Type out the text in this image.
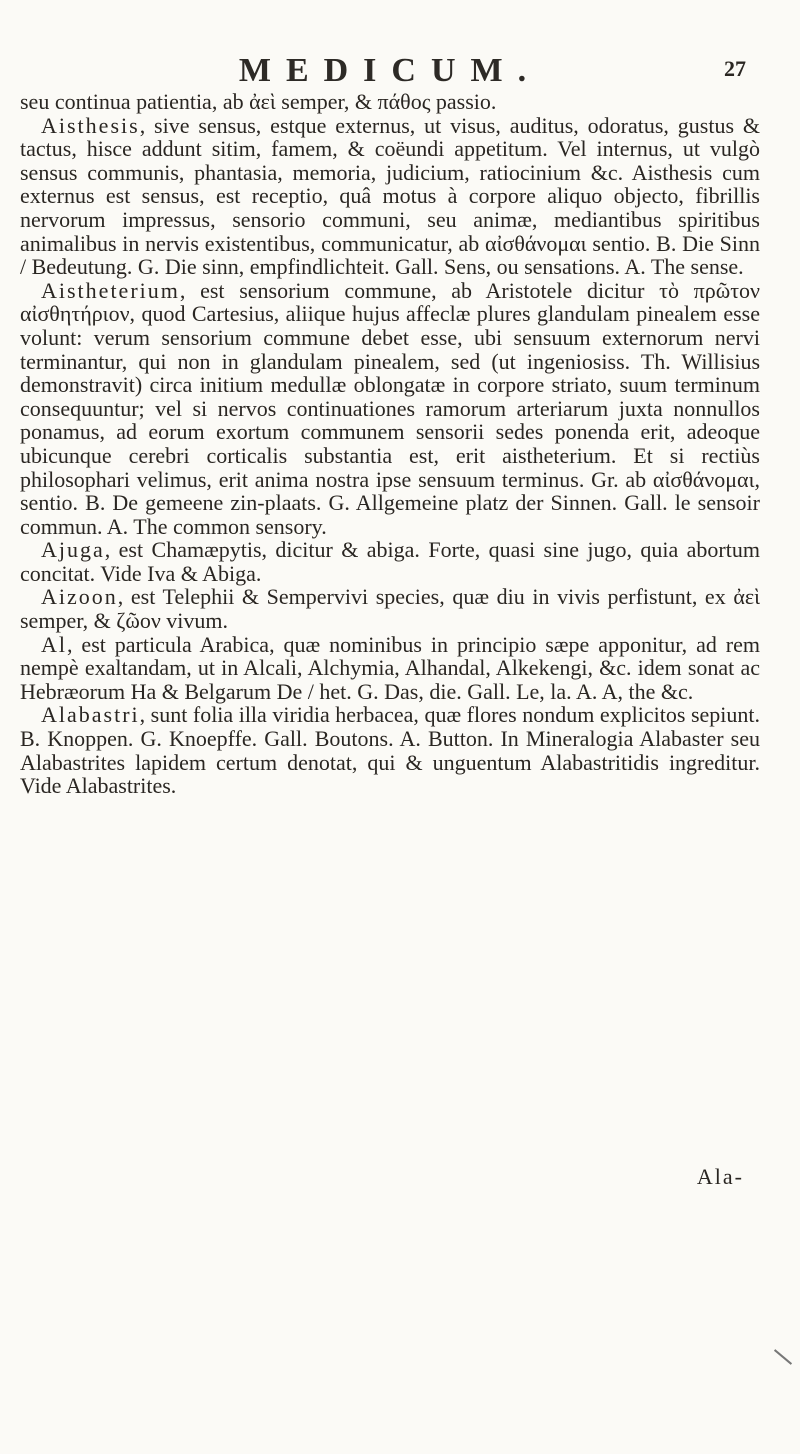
MEDICUM.	27

seu continua patientia, ab ἀεὶ semper, & πάθος passio.

Aisthesis, sive sensus, estque externus, ut visus, auditus, odoratus, gustus & tactus, hisce addunt sitim, famem, & coëundi appetitum. Vel internus, ut vulgò sensus communis, phantasia, memoria, judicium, ratiocinium &c. Aisthesis cum externus est sensus, est receptio, quâ motus à corpore aliquo objecto, fibrillis nervorum impressus, sensorio communi, seu animæ, mediantibus spiritibus animalibus in nervis existentibus, communicatur, ab αἰσθάνομαι sentio. B. Die Sinn / Bedeutung. G. Die sinn, empfindlichteit. Gall. Sens, ou sensations. A. The sense.

Aistheterium, est sensorium commune, ab Aristotele dicitur τὸ πρῶτον αἰσθητήριον, quod Cartesius, aliique hujus affeclæ plures glandulam pinealem esse volunt: verum sensorium commune debet esse, ubi sensuum externorum nervi terminantur, qui non in glandulam pinealem, sed (ut ingeniosiss. Th. Willisius demonstravit) circa initium medullæ oblongatæ in corpore striato, suum terminum consequuntur; vel si nervos continuationes ramorum arteriarum juxta nonnullos ponamus, ad eorum exortum communem sensorii sedes ponenda erit, adeoque ubicunque cerebri corticalis substantia est, erit aistheterium. Et si rectiùs philosophari velimus, erit anima nostra ipse sensuum terminus. Gr. ab αἰσθάνομαι, sentio. B. De gemeene zin-plaats. G. Allgemeine platz der Sinnen. Gall. le sensoir commun. A. The common sensory.

Ajuga, est Chamæpytis, dicitur & abiga. Forte, quasi sine jugo, quia abortum concitat. Vide Iva & Abiga.

Aizoon, est Telephii & Sempervivi species, quæ diu in vivis perfistunt, ex ἀεὶ semper, & ζῶον vivum.

Al, est particula Arabica, quæ nominibus in principio sæpe apponitur, ad rem nempè exaltandam, ut in Alcali, Alchymia, Alhandal, Alkekengi, &c. idem sonat ac Hebræorum Ha & Belgarum De / het. G. Das, die. Gall. Le, la. A. A, the &c.

Alabastri, sunt folia illa viridia herbacea, quæ flores nondum explicitos sepiunt. B. Knoppen. G. Knoepffe. Gall. Boutons. A. Button. In Mineralogia Alabaster seu Alabastrites lapidem certum denotat, qui & unguentum Alabastritidis ingreditur. Vide Alabastrites.

Ala-
